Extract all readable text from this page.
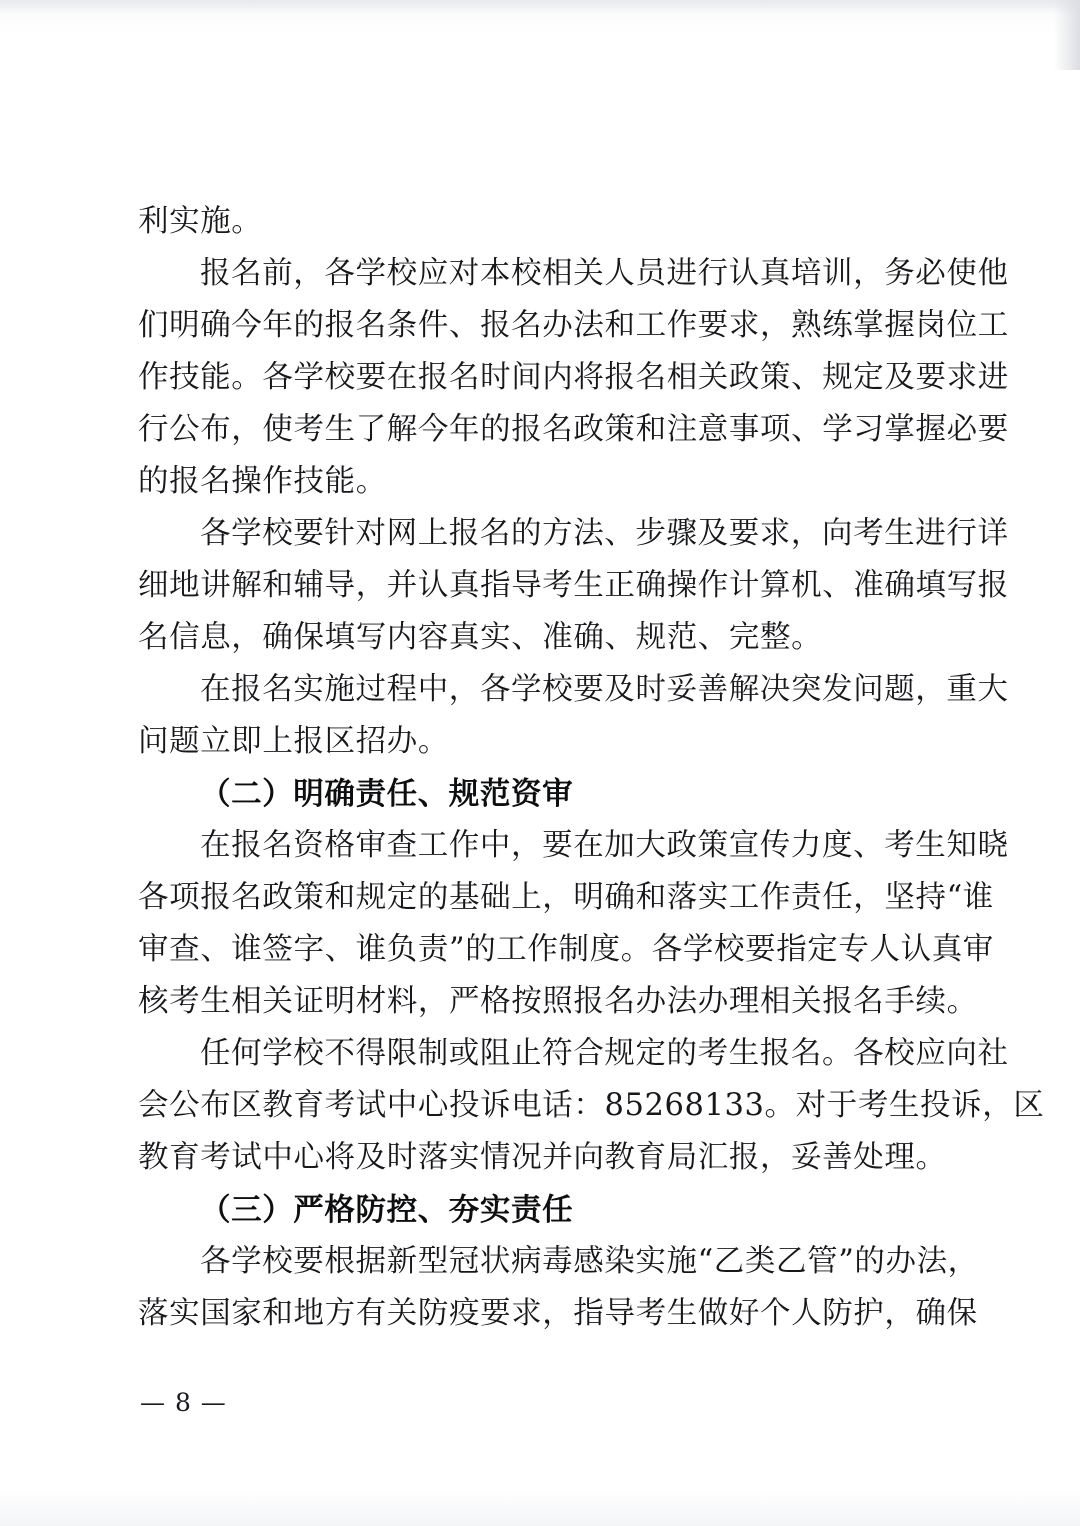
利实施。
报名前，各学校应对本校相关人员进行认真培训，务必使他
们明确今年的报名条件、报名办法和工作要求，熟练掌握岗位工
作技能。各学校要在报名时间内将报名相关政策、规定及要求进
行公布，使考生了解今年的报名政策和注意事项、学习掌握必要
的报名操作技能。
各学校要针对网上报名的方法、步骤及要求，向考生进行详
细地讲解和辅导，并认真指导考生正确操作计算机、准确填写报
名信息，确保填写内容真实、准确、规范、完整。
在报名实施过程中，各学校要及时妥善解决突发问题，重大
问题立即上报区招办。
（二）明确责任、规范资审
在报名资格审查工作中，要在加大政策宣传力度、考生知晓
各项报名政策和规定的基础上，明确和落实工作责任，坚持“谁
审查、谁签字、谁负责”的工作制度。各学校要指定专人认真审
核考生相关证明材料，严格按照报名办法办理相关报名手续。
任何学校不得限制或阻止符合规定的考生报名。各校应向社
会公布区教育考试中心投诉电话：85268133。对于考生投诉，区
教育考试中心将及时落实情况并向教育局汇报，妥善处理。
（三）严格防控、夯实责任
各学校要根据新型冠状病毒感染实施“乙类乙管”的办法，
落实国家和地方有关防疫要求，指导考生做好个人防护，确保
— 8 —
